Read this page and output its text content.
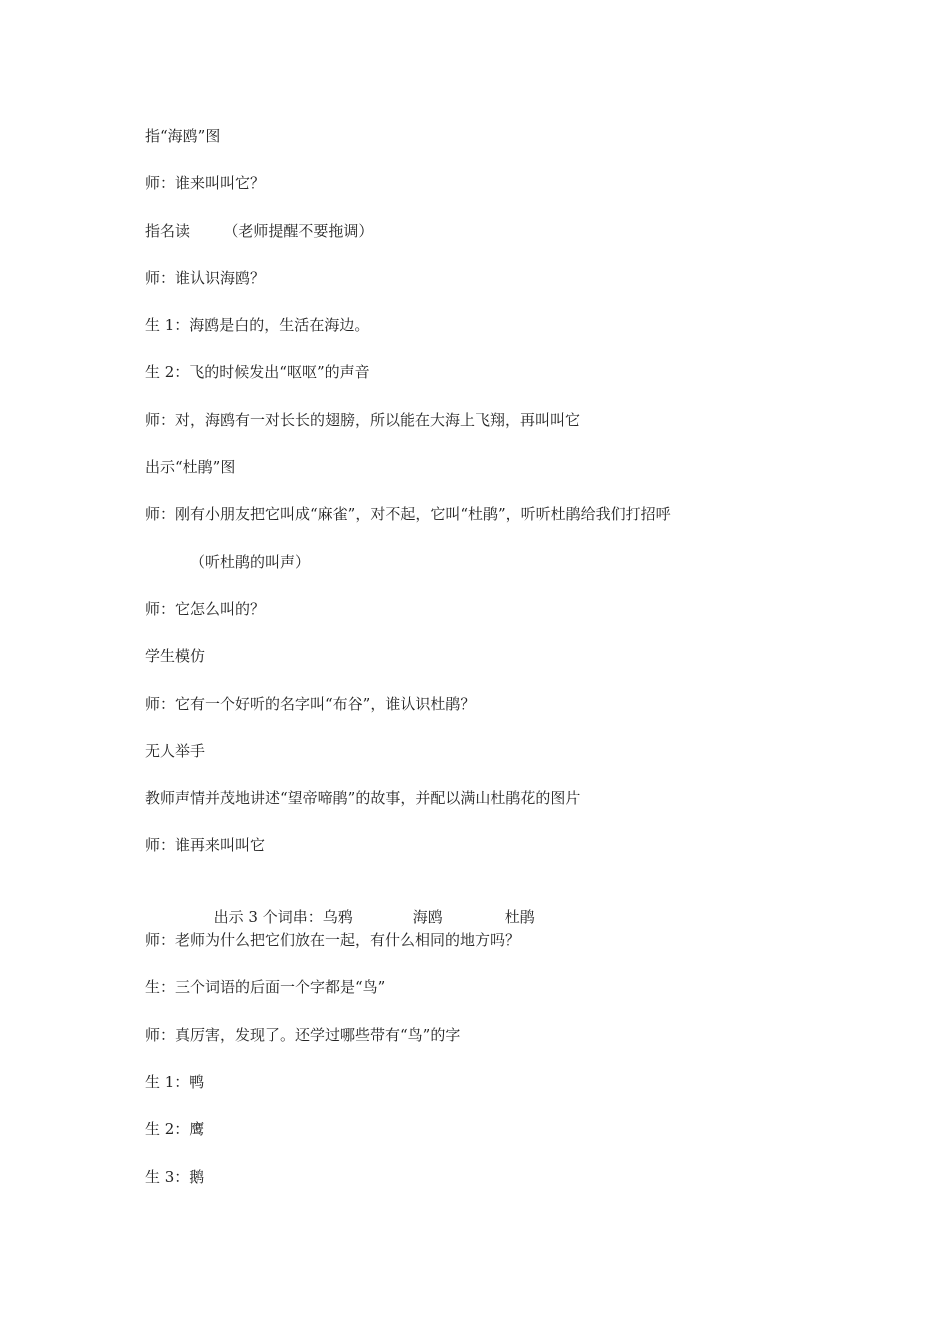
指“海鸥”图
师：谁来叫叫它？
指名读       （老师提醒不要拖调）
师：谁认识海鸥？
生 1：海鸥是白的，生活在海边。
生 2：飞的时候发出“呕呕”的声音
师：对，海鸥有一对长长的翅膀，所以能在大海上飞翔，再叫叫它
出示“杜鹃”图
师：刚有小朋友把它叫成“麻雀”，对不起，它叫“杜鹃”，听听杜鹃给我们打招呼
（听杜鹃的叫声）
师：它怎么叫的？
学生模仿
师：它有一个好听的名字叫“布谷”，谁认识杜鹃？
无人举手
教师声情并茂地讲述“望帝啼鹃”的故事，并配以满山杜鹃花的图片
师：谁再来叫叫它

出示 3 个词串：乌鸦	海鸥	杜鹃

师：老师为什么把它们放在一起，有什么相同的地方吗？
生：三个词语的后面一个字都是“鸟”
师：真厉害，发现了。还学过哪些带有“鸟”的字
生 1：鸭
生 2：鹰
生 3：鹅
